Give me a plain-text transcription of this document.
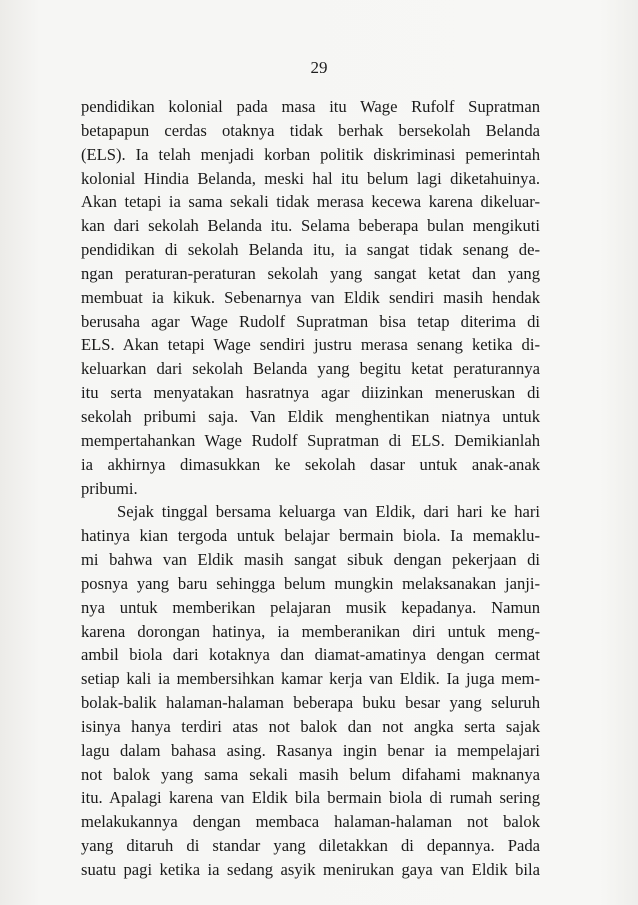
29
pendidikan kolonial pada masa itu Wage Rufolf Supratman
betapapun cerdas otaknya tidak berhak bersekolah Belanda
(ELS). Ia telah menjadi korban politik diskriminasi pemerintah
kolonial Hindia Belanda, meski hal itu belum lagi diketahuinya.
Akan tetapi ia sama sekali tidak merasa kecewa karena dikeluar-
kan dari sekolah Belanda itu. Selama beberapa bulan mengikuti
pendidikan di sekolah Belanda itu, ia sangat tidak senang de-
ngan peraturan-peraturan sekolah yang sangat ketat dan yang
membuat ia kikuk. Sebenarnya van Eldik sendiri masih hendak
berusaha agar Wage Rudolf Supratman bisa tetap diterima di
ELS. Akan tetapi Wage sendiri justru merasa senang ketika di-
keluarkan dari sekolah Belanda yang begitu ketat peraturannya
itu serta menyatakan hasratnya agar diizinkan meneruskan di
sekolah pribumi saja. Van Eldik menghentikan niatnya untuk
mempertahankan Wage Rudolf Supratman di ELS. Demikianlah
ia akhirnya dimasukkan ke sekolah dasar untuk anak-anak
pribumi.
Sejak tinggal bersama keluarga van Eldik, dari hari ke hari
hatinya kian tergoda untuk belajar bermain biola. Ia memaklu-
mi bahwa van Eldik masih sangat sibuk dengan pekerjaan di
posnya yang baru sehingga belum mungkin melaksanakan janji-
nya untuk memberikan pelajaran musik kepadanya. Namun
karena dorongan hatinya, ia memberanikan diri untuk meng-
ambil biola dari kotaknya dan diamat-amatinya dengan cermat
setiap kali ia membersihkan kamar kerja van Eldik. Ia juga mem-
bolak-balik halaman-halaman beberapa buku besar yang seluruh
isinya hanya terdiri atas not balok dan not angka serta sajak
lagu dalam bahasa asing. Rasanya ingin benar ia mempelajari
not balok yang sama sekali masih belum difahami maknanya
itu. Apalagi karena van Eldik bila bermain biola di rumah sering
melakukannya dengan membaca halaman-halaman not balok
yang ditaruh di standar yang diletakkan di depannya. Pada
suatu pagi ketika ia sedang asyik menirukan gaya van Eldik bila
